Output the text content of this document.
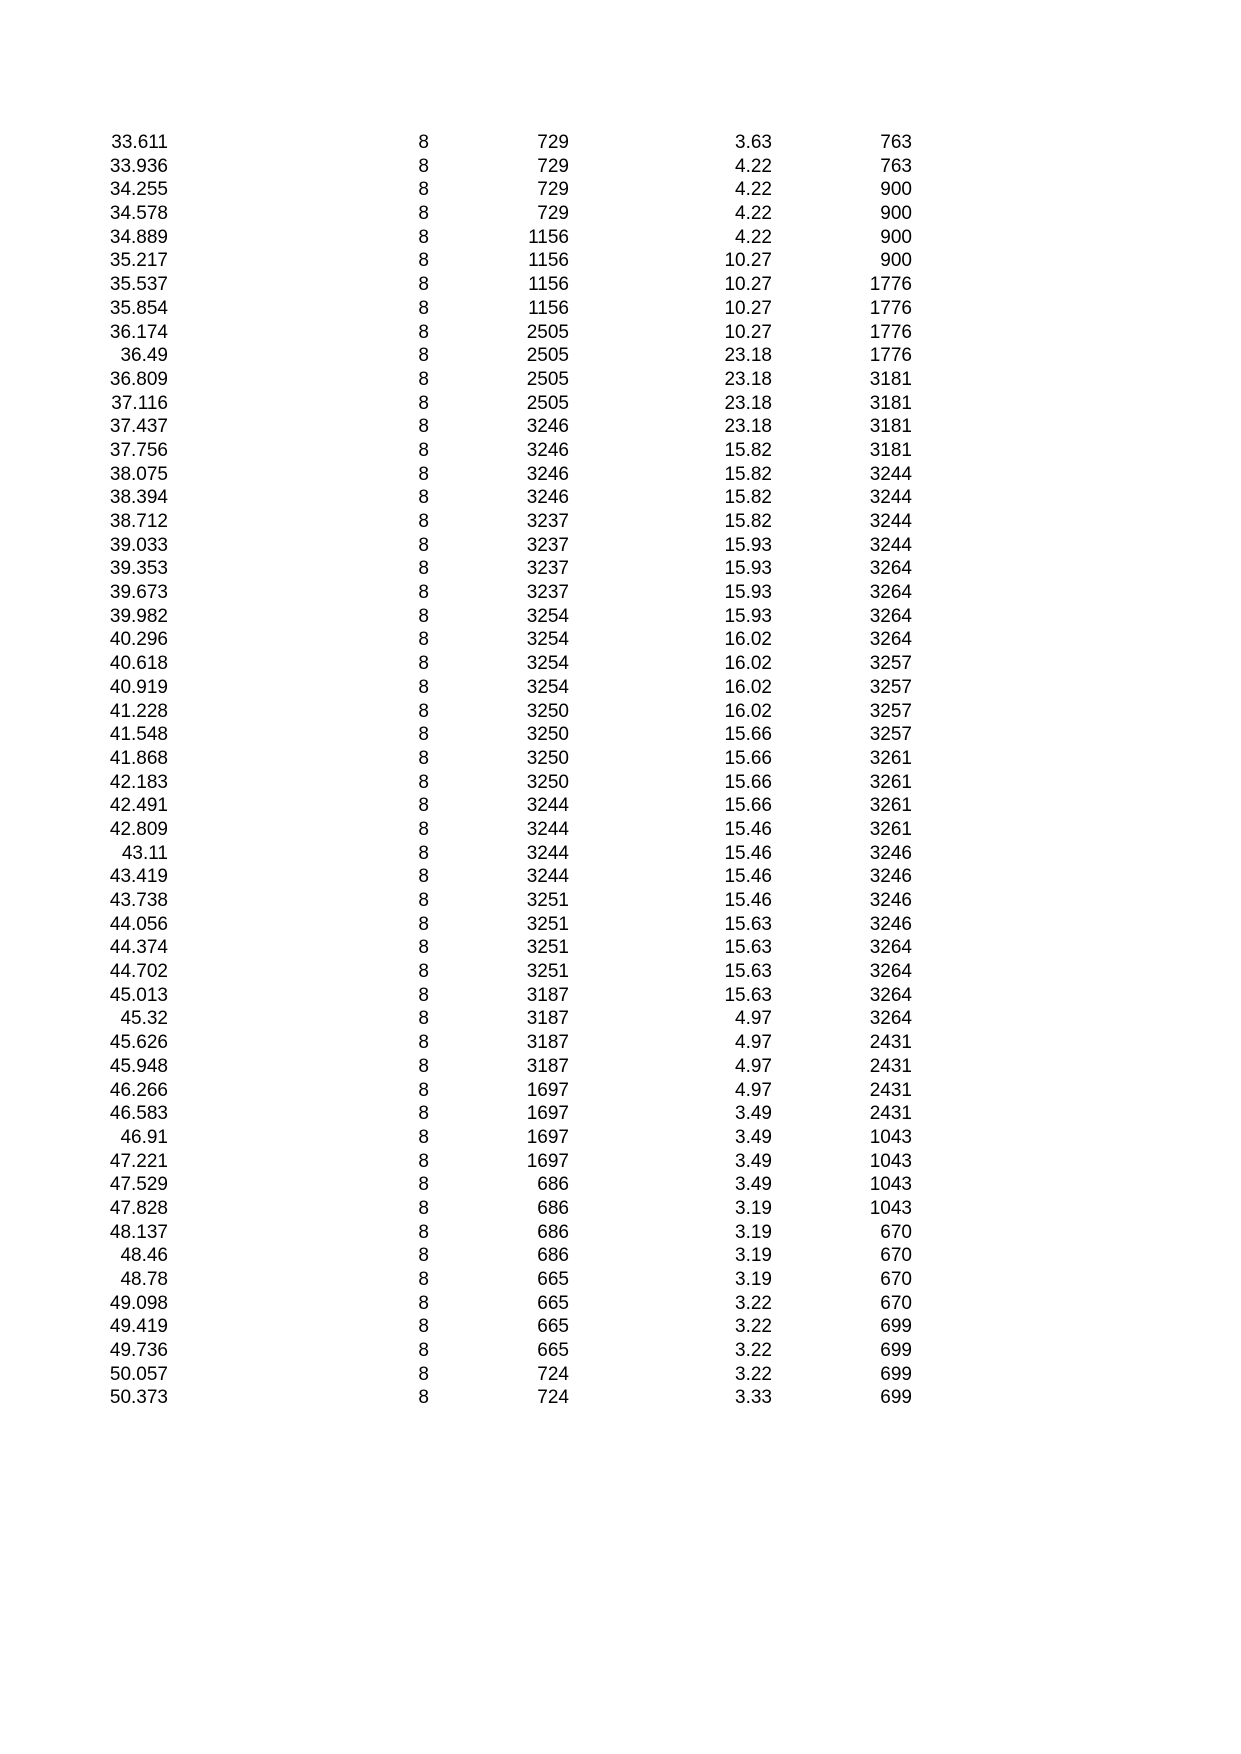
33.611	8	729	3.63	763
33.936	8	729	4.22	763
34.255	8	729	4.22	900
34.578	8	729	4.22	900
34.889	8	1156	4.22	900
35.217	8	1156	10.27	900
35.537	8	1156	10.27	1776
35.854	8	1156	10.27	1776
36.174	8	2505	10.27	1776
36.49	8	2505	23.18	1776
36.809	8	2505	23.18	3181
37.116	8	2505	23.18	3181
37.437	8	3246	23.18	3181
37.756	8	3246	15.82	3181
38.075	8	3246	15.82	3244
38.394	8	3246	15.82	3244
38.712	8	3237	15.82	3244
39.033	8	3237	15.93	3244
39.353	8	3237	15.93	3264
39.673	8	3237	15.93	3264
39.982	8	3254	15.93	3264
40.296	8	3254	16.02	3264
40.618	8	3254	16.02	3257
40.919	8	3254	16.02	3257
41.228	8	3250	16.02	3257
41.548	8	3250	15.66	3257
41.868	8	3250	15.66	3261
42.183	8	3250	15.66	3261
42.491	8	3244	15.66	3261
42.809	8	3244	15.46	3261
43.11	8	3244	15.46	3246
43.419	8	3244	15.46	3246
43.738	8	3251	15.46	3246
44.056	8	3251	15.63	3246
44.374	8	3251	15.63	3264
44.702	8	3251	15.63	3264
45.013	8	3187	15.63	3264
45.32	8	3187	4.97	3264
45.626	8	3187	4.97	2431
45.948	8	3187	4.97	2431
46.266	8	1697	4.97	2431
46.583	8	1697	3.49	2431
46.91	8	1697	3.49	1043
47.221	8	1697	3.49	1043
47.529	8	686	3.49	1043
47.828	8	686	3.19	1043
48.137	8	686	3.19	670
48.46	8	686	3.19	670
48.78	8	665	3.19	670
49.098	8	665	3.22	670
49.419	8	665	3.22	699
49.736	8	665	3.22	699
50.057	8	724	3.22	699
50.373	8	724	3.33	699
